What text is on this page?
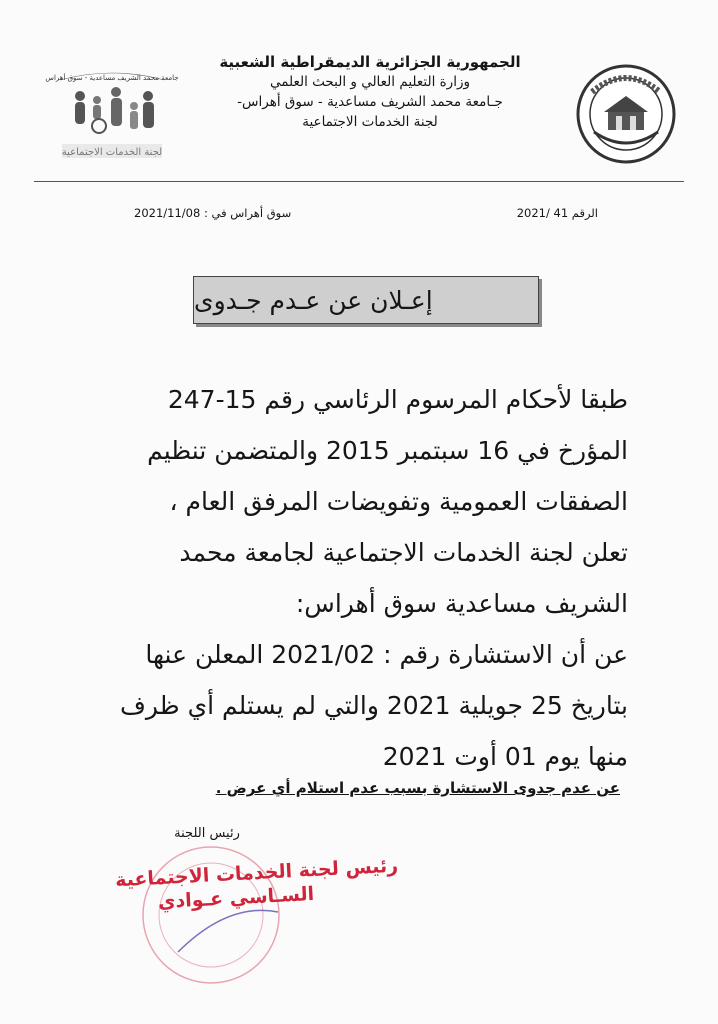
جامعة محمد الشريف مساعدية - سوق أهراس
لجنة الخدمات الاجتماعية
الجمهورية الجزائرية الديمقراطية الشعبية
وزارة التعليم العالي و البحث العلمي
جـامعة محمد الشريف مساعدية - سوق أهراس-
لجنة الخدمات الاجتماعية
الرقم 41 /2021
سوق أهراس في : 2021/11/08
إعـلان عن عـدم جـدوى
طبقا لأحكام المرسوم الرئاسي رقم 15-247
المؤرخ في 16 سبتمبر 2015 والمتضمن تنظيم
الصفقات العمومية وتفويضات المرفق العام ،
تعلن لجنة الخدمات الاجتماعية لجامعة محمد
الشريف مساعدية سوق أهراس:
عن أن الاستشارة رقم : 2021/02 المعلن عنها
بتاريخ 25 جويلية 2021 والتي لم يستلم أي ظرف
منها يوم 01 أوت 2021
عن عدم جدوى الاستشارة بسبب عدم استلام أي عرض .
رئيس اللجنة
رئيس لجنة الخدمات الاجتماعية
السـاسي عـوادي
